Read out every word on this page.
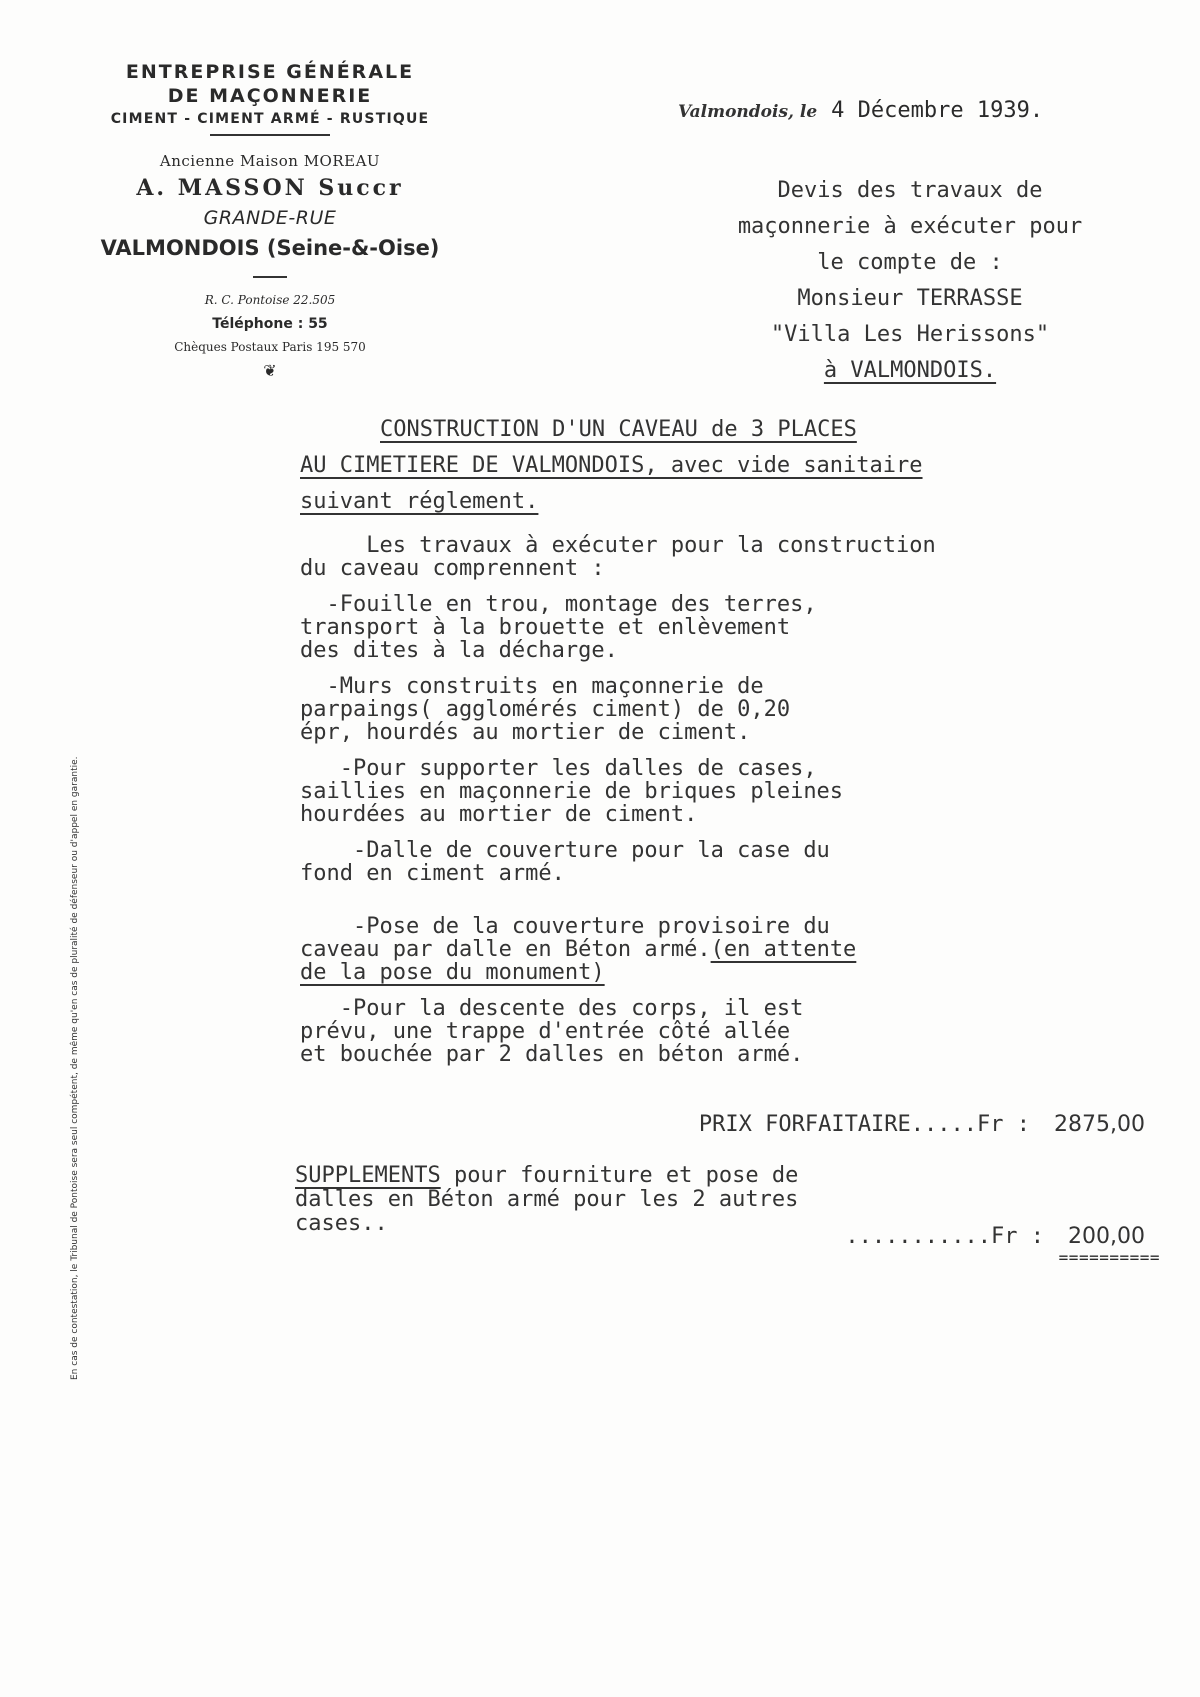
ENTREPRISE GÉNÉRALE
DE MAÇONNERIE
CIMENT - CIMENT ARMÉ - RUSTIQUE
Ancienne Maison MOREAU
A. MASSON Succr
GRANDE-RUE
VALMONDOIS (Seine-&-Oise)
R. C. Pontoise 22.505
Téléphone : 55
Chèques Postaux Paris 195 570
❦
Valmondois, le 4 Décembre 1939.
Devis des travaux de
maçonnerie à exécuter pour
le compte de :
Monsieur TERRASSE
"Villa Les Herissons"
à VALMONDOIS.
CONSTRUCTION D'UN CAVEAU de 3 PLACES
AU CIMETIERE DE VALMONDOIS, avec vide sanitaire
suivant réglement.
Les travaux à exécuter pour la construction
du caveau comprennent :
-Fouille en trou, montage des terres,
transport à la brouette et enlèvement
des dites à la décharge.
-Murs construits en maçonnerie de
parpaings( agglomérés ciment) de 0,20
épr, hourdés au mortier de ciment.
-Pour supporter les dalles de cases,
saillies en maçonnerie de briques pleines
hourdées au mortier de ciment.
-Dalle de couverture pour la case du
fond en ciment armé.
-Pose de la couverture provisoire du
caveau par dalle en Béton armé.(en attente
de la pose du monument)
-Pour la descente des corps, il est
prévu, une trappe d'entrée côté allée
et bouchée par 2 dalles en béton armé.
PRIX FORFAITAIRE.....Fr : 2875,00
SUPPLEMENTS pour fourniture et pose de
dalles en Béton armé pour les 2 autres
cases..
...........Fr : 200,00
==========
En cas de contestation, le Tribunal de Pontoise sera seul compétent, de même qu'en cas de pluralité de défenseur ou d'appel en garantie.
